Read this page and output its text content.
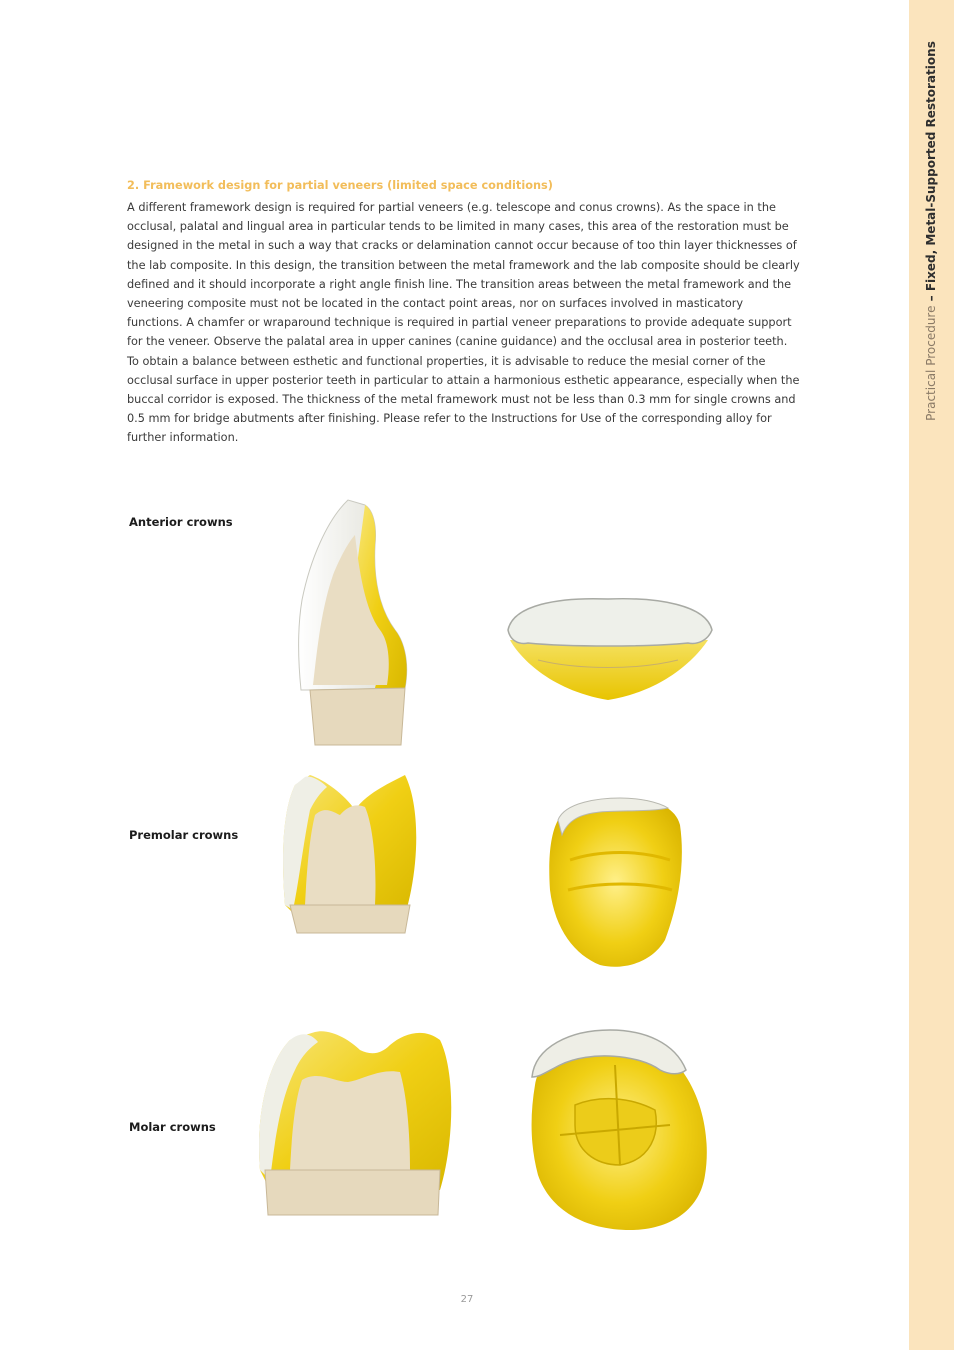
Practical Procedure – Fixed, Metal-Supported Restorations
2. Framework design for partial veneers (limited space conditions)

A different framework design is required for partial veneers (e.g. telescope and conus crowns). As the space in the occlusal, palatal and lingual area in particular tends to be limited in many cases, this area of the restoration must be designed in the metal in such a way that cracks or delamination cannot occur because of too thin layer thicknesses of the lab composite. In this design, the transition between the metal framework and the lab composite should be clearly defined and it should incorporate a right angle finish line. The transition areas between the metal framework and the veneering composite must not be located in the contact point areas, nor on surfaces involved in masticatory functions. A chamfer or wraparound technique is required in partial veneer preparations to provide adequate support for the veneer. Observe the palatal area in upper canines (canine guidance) and the occlusal area in posterior teeth. To obtain a balance between esthetic and functional properties, it is advisable to reduce the mesial corner of the occlusal surface in upper posterior teeth in particular to attain a harmonious esthetic appearance, especially when the buccal corridor is exposed. The thickness of the metal framework must not be less than 0.3 mm for single crowns and 0.5 mm for bridge abutments after finishing. Please refer to the Instructions for Use of the corresponding alloy for further information.

Anterior crowns
Premolar crowns
Molar crowns
27
